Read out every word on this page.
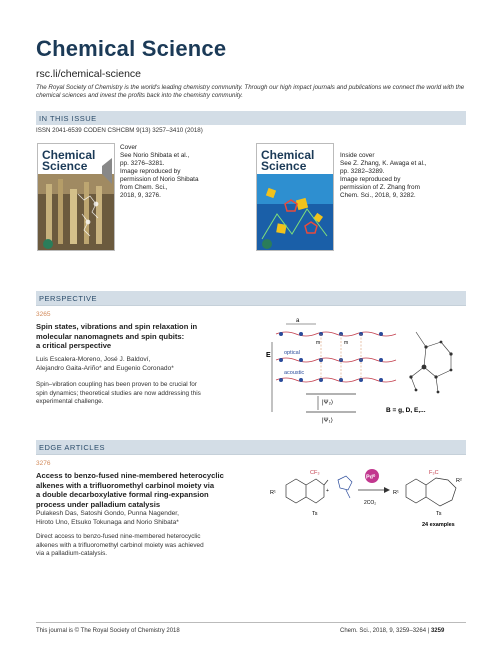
Chemical Science
rsc.li/chemical-science
The Royal Society of Chemistry is the world's leading chemistry community. Through our high impact journals and publications we connect the world with the chemical sciences and invest the profits back into the chemistry community.
IN THIS ISSUE
ISSN 2041-6539 CODEN CSHCBM 9(13) 3257–3410 (2018)
Chemical
Science
Cover
See Norio Shibata et al.,
pp. 3276–3281.
Image reproduced by
permission of Norio Shibata
from Chem. Sci.,
2018, 9, 3276.
Chemical
Science
Inside cover
See Z. Zhang, K. Awaga et al.,
pp. 3282–3289.
Image reproduced by
permission of Z. Zhang from
Chem. Sci., 2018, 9, 3282.
PERSPECTIVE
3265
Spin states, vibrations and spin relaxation in
molecular nanomagnets and spin qubits:
a critical perspective
Luis Escalera-Moreno, José J. Baldoví,
Alejandro Gaita-Ariño* and Eugenio Coronado*
Spin–vibration coupling has been proven to be crucial for
spin dynamics; theoretical studies are now addressing this
experimental challenge.
a
m	m
optical
acoustic
E
|Ψ₂⟩
|Ψ₁⟩
B = g, D, E,...
EDGE ARTICLES
3276
Access to benzo-fused nine-membered heterocyclic
alkenes with a trifluoromethyl carbinol moiety via
a double decarboxylative formal ring-expansion
process under palladium catalysis
Pulakesh Das, Satoshi Gondo, Punna Nagender,
Hiroto Uno, Etsuko Tokunaga and Norio Shibata*
Direct access to benzo-fused nine-membered heterocyclic
alkenes with a trifluoromethyl carbinol moiety was achieved
via a palladium-catalysis.
CF₃
R¹
Ts
+
Pd⁰
2CO₂
R¹
R²
F₃C
Ts
24 examples
This journal is © The Royal Society of Chemistry 2018	Chem. Sci., 2018, 9, 3259–3264 | 3259
